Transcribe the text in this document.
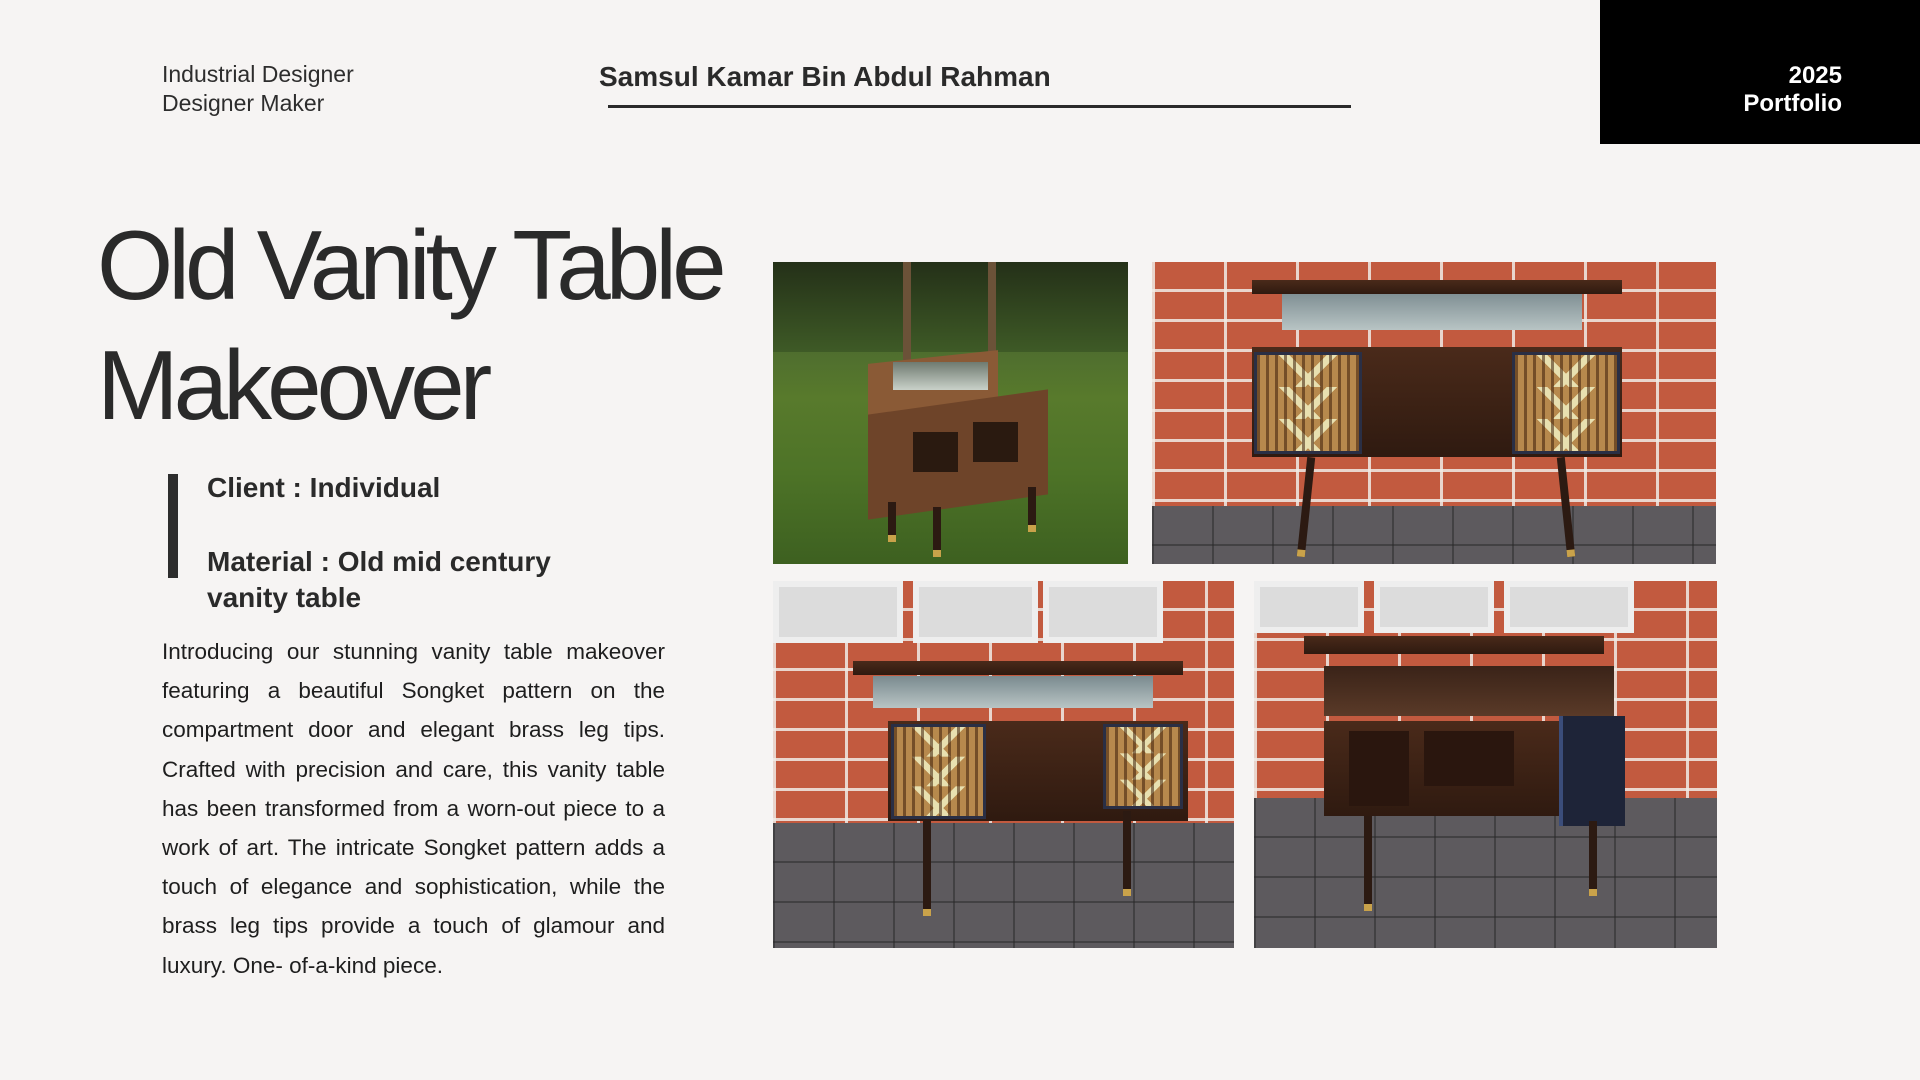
Industrial Designer
Designer Maker
Samsul Kamar Bin Abdul Rahman	2025
Portfolio
Old Vanity Table
Makeover
Client : Individual
Material : Old mid century
vanity table

Introducing our stunning vanity table makeover featuring a beautiful Songket pattern on the compartment door and elegant brass leg tips. Crafted with precision and care, this vanity table has been transformed from a worn-out piece to a work of art. The intricate Songket pattern adds a touch of elegance and sophistication, while the brass leg tips provide a touch of glamour and luxury. One- of-a-kind piece.
